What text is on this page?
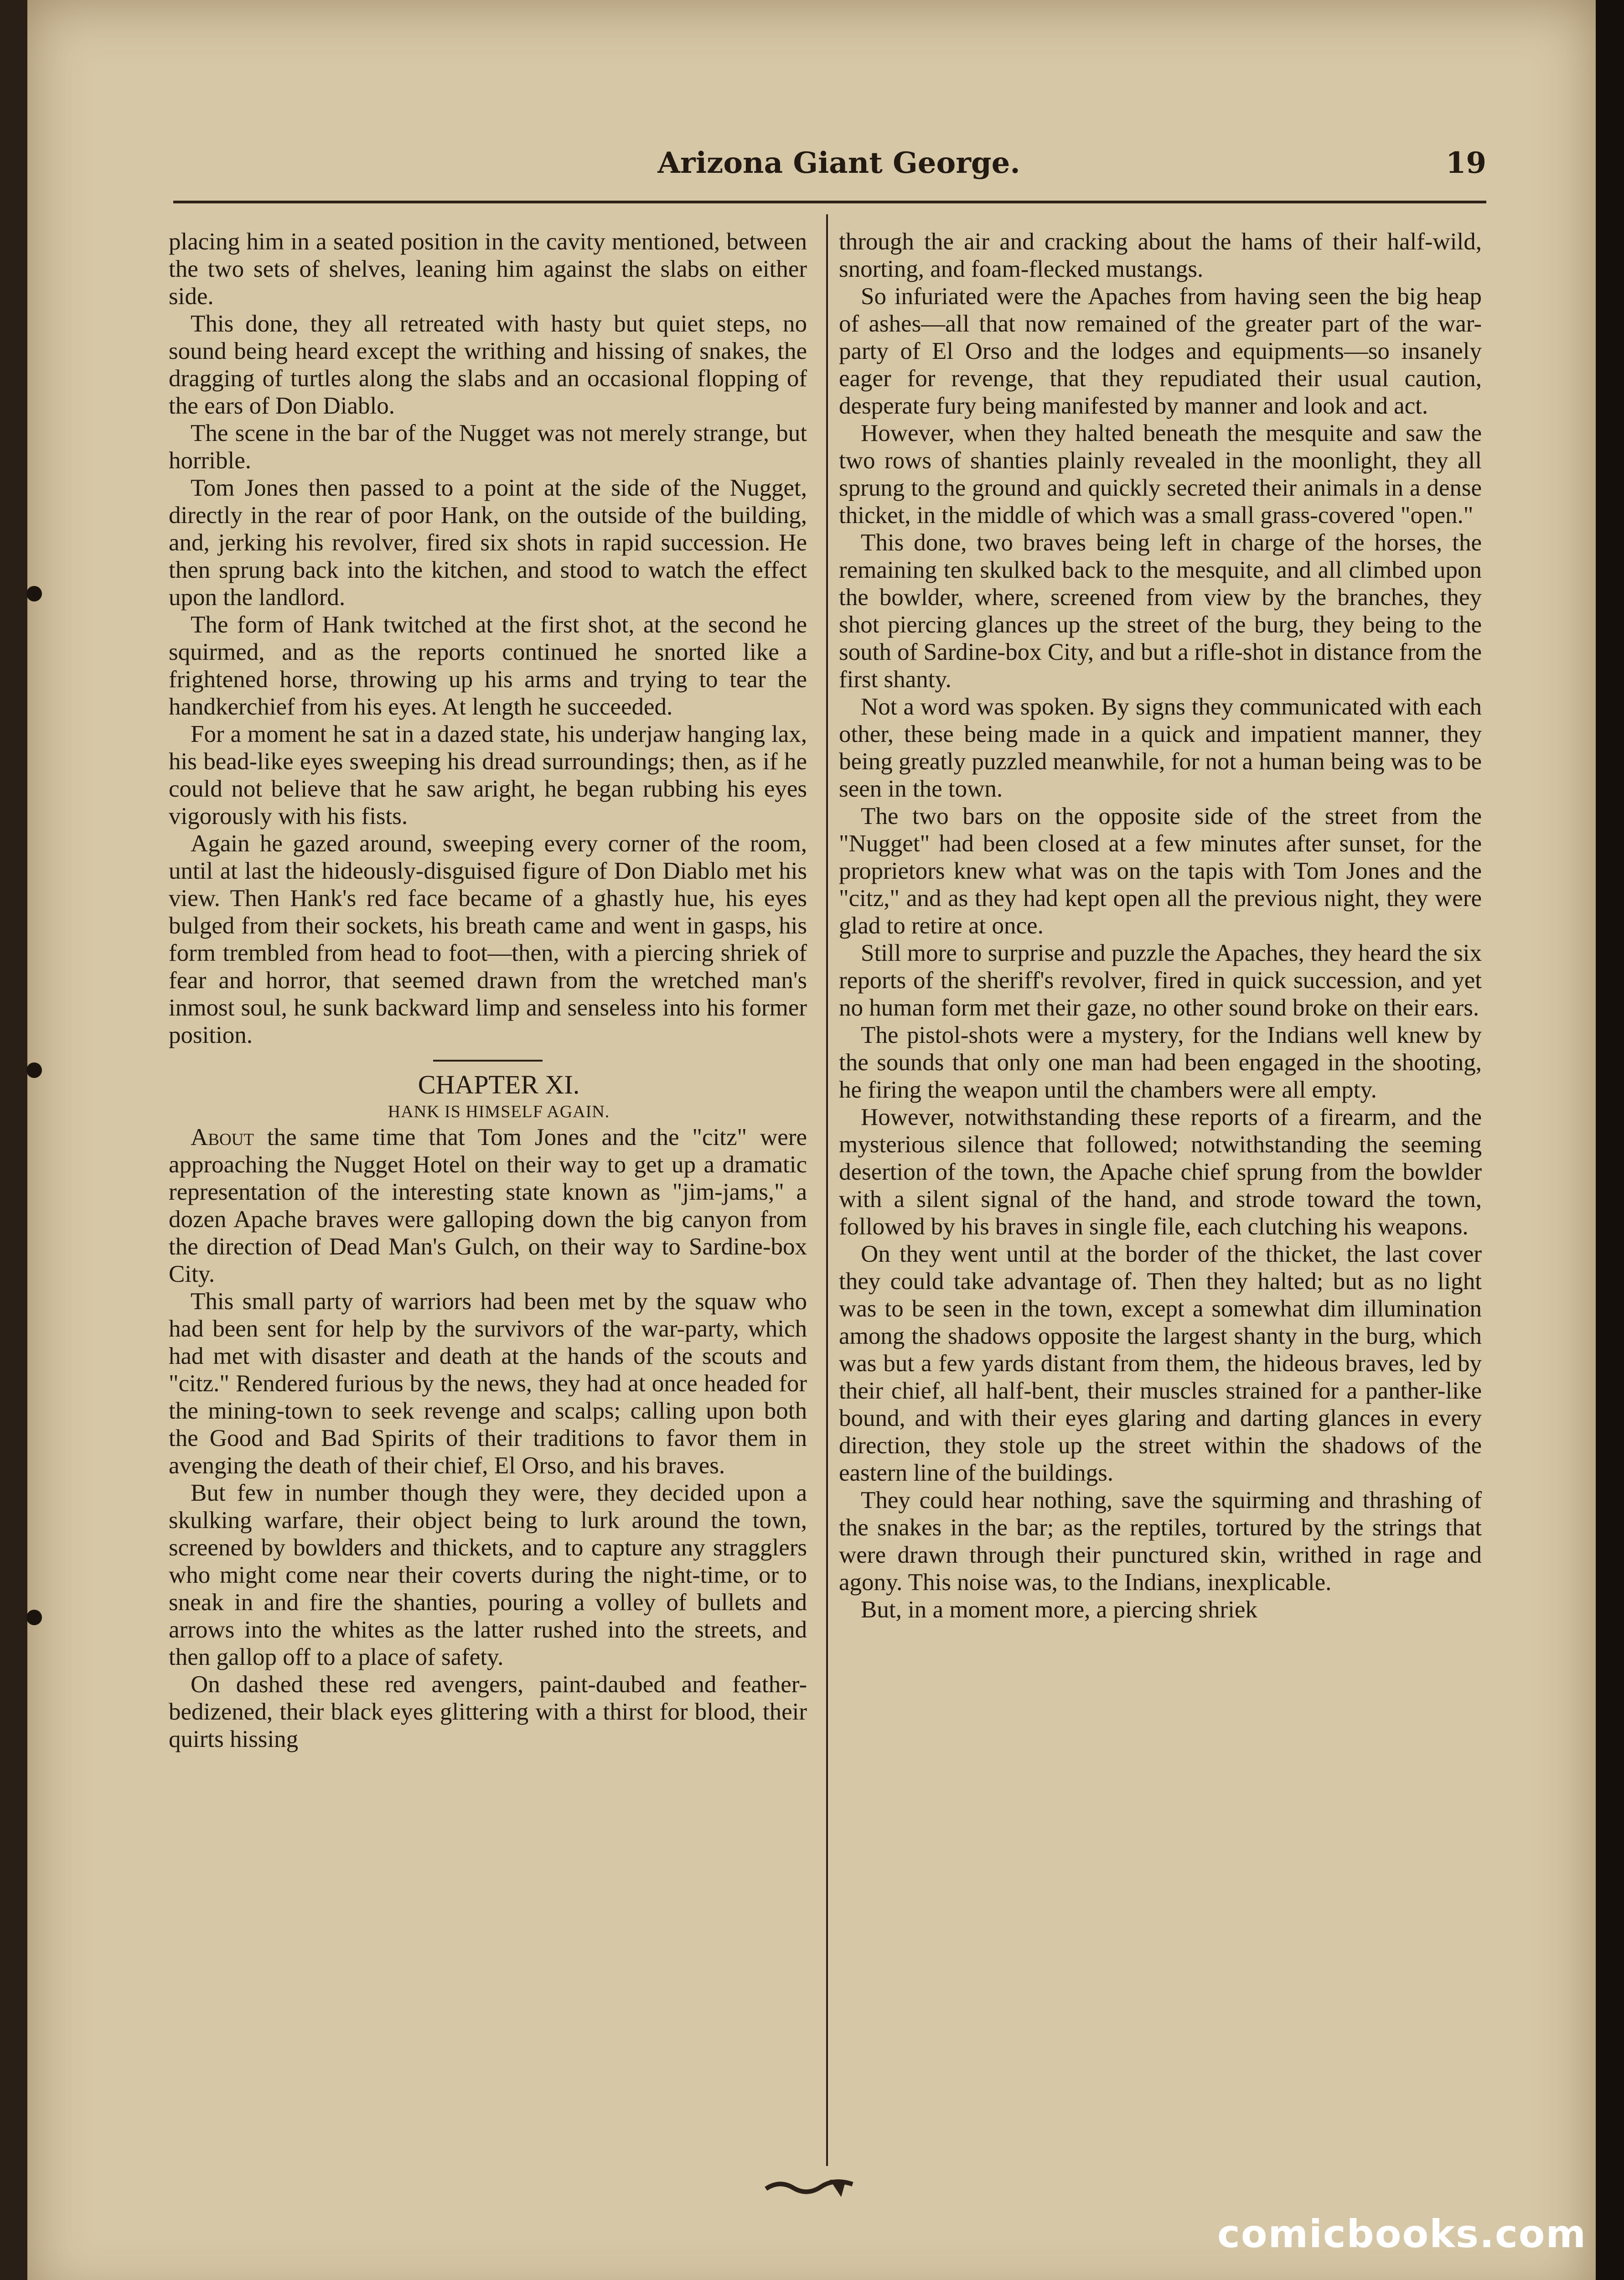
Arizona Giant George.	19

placing him in a seated position in the cavity mentioned, between the two sets of shelves, leaning him against the slabs on either side.

This done, they all retreated with hasty but quiet steps, no sound being heard except the writhing and hissing of snakes, the dragging of turtles along the slabs and an occasional flopping of the ears of Don Diablo.

The scene in the bar of the Nugget was not merely strange, but horrible.

Tom Jones then passed to a point at the side of the Nugget, directly in the rear of poor Hank, on the outside of the building, and, jerking his revolver, fired six shots in rapid succession. He then sprung back into the kitchen, and stood to watch the effect upon the landlord.

The form of Hank twitched at the first shot, at the second he squirmed, and as the reports continued he snorted like a frightened horse, throwing up his arms and trying to tear the handkerchief from his eyes. At length he succeeded.

For a moment he sat in a dazed state, his underjaw hanging lax, his bead-like eyes sweeping his dread surroundings; then, as if he could not believe that he saw aright, he began rubbing his eyes vigorously with his fists.

Again he gazed around, sweeping every corner of the room, until at last the hideously-disguised figure of Don Diablo met his view. Then Hank's red face became of a ghastly hue, his eyes bulged from their sockets, his breath came and went in gasps, his form trembled from head to foot—then, with a piercing shriek of fear and horror, that seemed drawn from the wretched man's inmost soul, he sunk backward limp and senseless into his former position.

CHAPTER XI.

HANK IS HIMSELF AGAIN.

About the same time that Tom Jones and the "citz" were approaching the Nugget Hotel on their way to get up a dramatic representation of the interesting state known as "jim-jams," a dozen Apache braves were galloping down the big canyon from the direction of Dead Man's Gulch, on their way to Sardine-box City.

This small party of warriors had been met by the squaw who had been sent for help by the survivors of the war-party, which had met with disaster and death at the hands of the scouts and "citz." Rendered furious by the news, they had at once headed for the mining-town to seek revenge and scalps; calling upon both the Good and Bad Spirits of their traditions to favor them in avenging the death of their chief, El Orso, and his braves.

But few in number though they were, they decided upon a skulking warfare, their object being to lurk around the town, screened by bowlders and thickets, and to capture any stragglers who might come near their coverts during the night-time, or to sneak in and fire the shanties, pouring a volley of bullets and arrows into the whites as the latter rushed into the streets, and then gallop off to a place of safety.

On dashed these red avengers, paint-daubed and feather-bedizened, their black eyes glittering with a thirst for blood, their quirts hissing

through the air and cracking about the hams of their half-wild, snorting, and foam-flecked mustangs.

So infuriated were the Apaches from having seen the big heap of ashes—all that now remained of the greater part of the war-party of El Orso and the lodges and equipments—so insanely eager for revenge, that they repudiated their usual caution, desperate fury being manifested by manner and look and act.

However, when they halted beneath the mesquite and saw the two rows of shanties plainly revealed in the moonlight, they all sprung to the ground and quickly secreted their animals in a dense thicket, in the middle of which was a small grass-covered "open."

This done, two braves being left in charge of the horses, the remaining ten skulked back to the mesquite, and all climbed upon the bowlder, where, screened from view by the branches, they shot piercing glances up the street of the burg, they being to the south of Sardine-box City, and but a rifle-shot in distance from the first shanty.

Not a word was spoken. By signs they communicated with each other, these being made in a quick and impatient manner, they being greatly puzzled meanwhile, for not a human being was to be seen in the town.

The two bars on the opposite side of the street from the "Nugget" had been closed at a few minutes after sunset, for the proprietors knew what was on the tapis with Tom Jones and the "citz," and as they had kept open all the previous night, they were glad to retire at once.

Still more to surprise and puzzle the Apaches, they heard the six reports of the sheriff's revolver, fired in quick succession, and yet no human form met their gaze, no other sound broke on their ears.

The pistol-shots were a mystery, for the Indians well knew by the sounds that only one man had been engaged in the shooting, he firing the weapon until the chambers were all empty.

However, notwithstanding these reports of a firearm, and the mysterious silence that followed; notwithstanding the seeming desertion of the town, the Apache chief sprung from the bowlder with a silent signal of the hand, and strode toward the town, followed by his braves in single file, each clutching his weapons.

On they went until at the border of the thicket, the last cover they could take advantage of. Then they halted; but as no light was to be seen in the town, except a somewhat dim illumination among the shadows opposite the largest shanty in the burg, which was but a few yards distant from them, the hideous braves, led by their chief, all half-bent, their muscles strained for a panther-like bound, and with their eyes glaring and darting glances in every direction, they stole up the street within the shadows of the eastern line of the buildings.

They could hear nothing, save the squirming and thrashing of the snakes in the bar; as the reptiles, tortured by the strings that were drawn through their punctured skin, writhed in rage and agony. This noise was, to the Indians, inexplicable.

But, in a moment more, a piercing shriek

comicbooks.com
